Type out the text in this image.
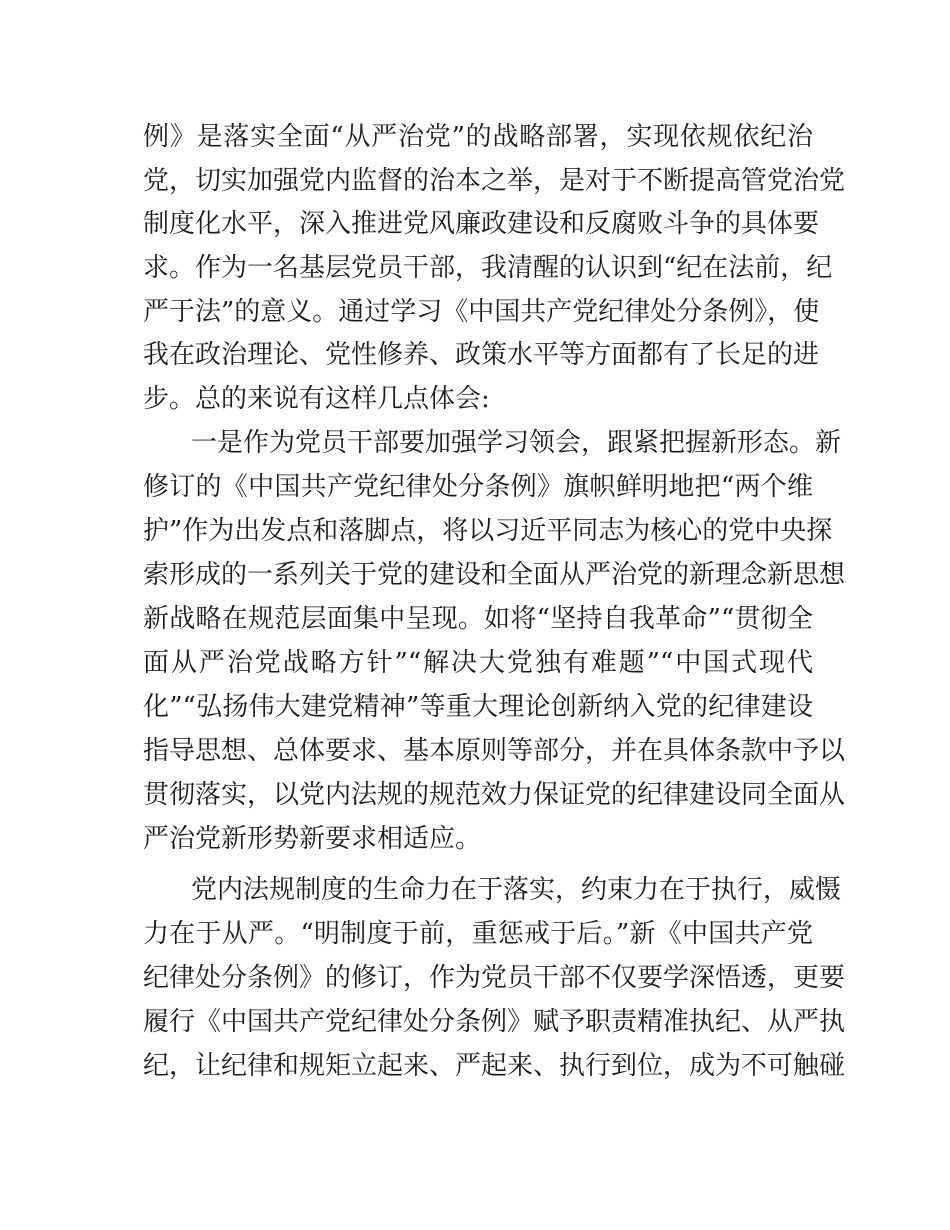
例》是落实全面“从严治党”的战略部署，实现依规依纪治
党，切实加强党内监督的治本之举，是对于不断提高管党治党
制度化水平，深入推进党风廉政建设和反腐败斗争的具体要
求。作为一名基层党员干部，我清醒的认识到“纪在法前，纪
严于法”的意义。通过学习《中国共产党纪律处分条例》，使
我在政治理论、党性修养、政策水平等方面都有了长足的进
步。总的来说有这样几点体会:
一是作为党员干部要加强学习领会，跟紧把握新形态。新
修订的《中国共产党纪律处分条例》旗帜鲜明地把“两个维
护”作为出发点和落脚点，将以习近平同志为核心的党中央探
索形成的一系列关于党的建设和全面从严治党的新理念新思想
新战略在规范层面集中呈现。如将“坚持自我革命”“贯彻全
面从严治党战略方针”“解决大党独有难题”“中国式现代
化”“弘扬伟大建党精神”等重大理论创新纳入党的纪律建设
指导思想、总体要求、基本原则等部分，并在具体条款中予以
贯彻落实，以党内法规的规范效力保证党的纪律建设同全面从
严治党新形势新要求相适应。
党内法规制度的生命力在于落实，约束力在于执行，威慑
力在于从严。“明制度于前，重惩戒于后。”新《中国共产党
纪律处分条例》的修订，作为党员干部不仅要学深悟透，更要
履行《中国共产党纪律处分条例》赋予职责精准执纪、从严执
纪，让纪律和规矩立起来、严起来、执行到位，成为不可触碰
